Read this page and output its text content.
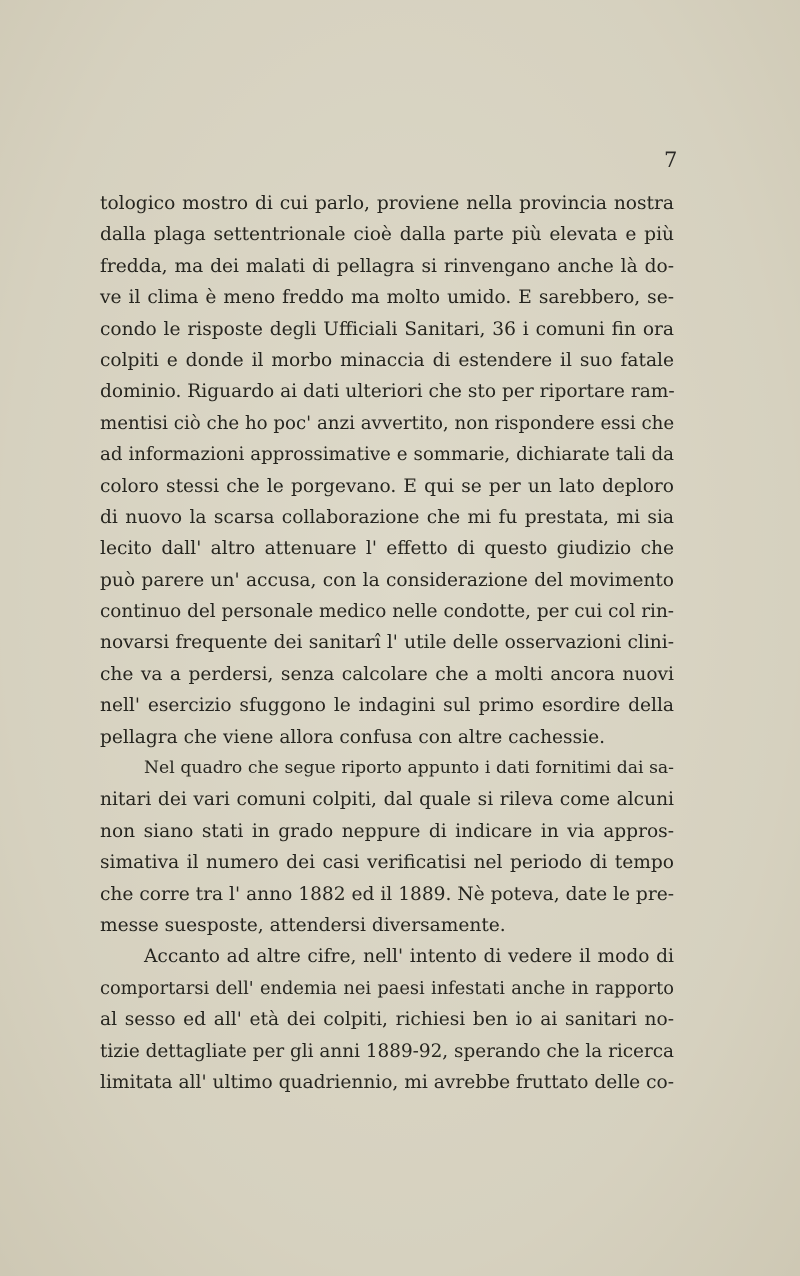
7
tologico mostro di cui parlo, proviene nella provincia nostra
dalla plaga settentrionale cioè dalla parte più elevata e più
fredda, ma dei malati di pellagra si rinvengano anche là do-
ve il clima è meno freddo ma molto umido. E sarebbero, se-
condo le risposte degli Ufficiali Sanitari, 36 i comuni fin ora
colpiti e donde il morbo minaccia di estendere il suo fatale
dominio. Riguardo ai dati ulteriori che sto per riportare ram-
mentisi ciò che ho poc' anzi avvertito, non rispondere essi che
ad informazioni approssimative e sommarie, dichiarate tali da
coloro stessi che le porgevano. E qui se per un lato deploro
di nuovo la scarsa collaborazione che mi fu prestata, mi sia
lecito dall' altro attenuare l' effetto di questo giudizio che
può parere un' accusa, con la considerazione del movimento
continuo del personale medico nelle condotte, per cui col rin-
novarsi frequente dei sanitarî l' utile delle osservazioni clini-
che va a perdersi, senza calcolare che a molti ancora nuovi
nell' esercizio sfuggono le indagini sul primo esordire della
pellagra che viene allora confusa con altre cachessie.
Nel quadro che segue riporto appunto i dati fornitimi dai sa-
nitari dei vari comuni colpiti, dal quale si rileva come alcuni
non siano stati in grado neppure di indicare in via appros-
simativa il numero dei casi verificatisi nel periodo di tempo
che corre tra l' anno 1882 ed il 1889. Nè poteva, date le pre-
messe suesposte, attendersi diversamente.
Accanto ad altre cifre, nell' intento di vedere il modo di
comportarsi dell' endemia nei paesi infestati anche in rapporto
al sesso ed all' età dei colpiti, richiesi ben io ai sanitari no-
tizie dettagliate per gli anni 1889-92, sperando che la ricerca
limitata all' ultimo quadriennio, mi avrebbe fruttato delle co-
